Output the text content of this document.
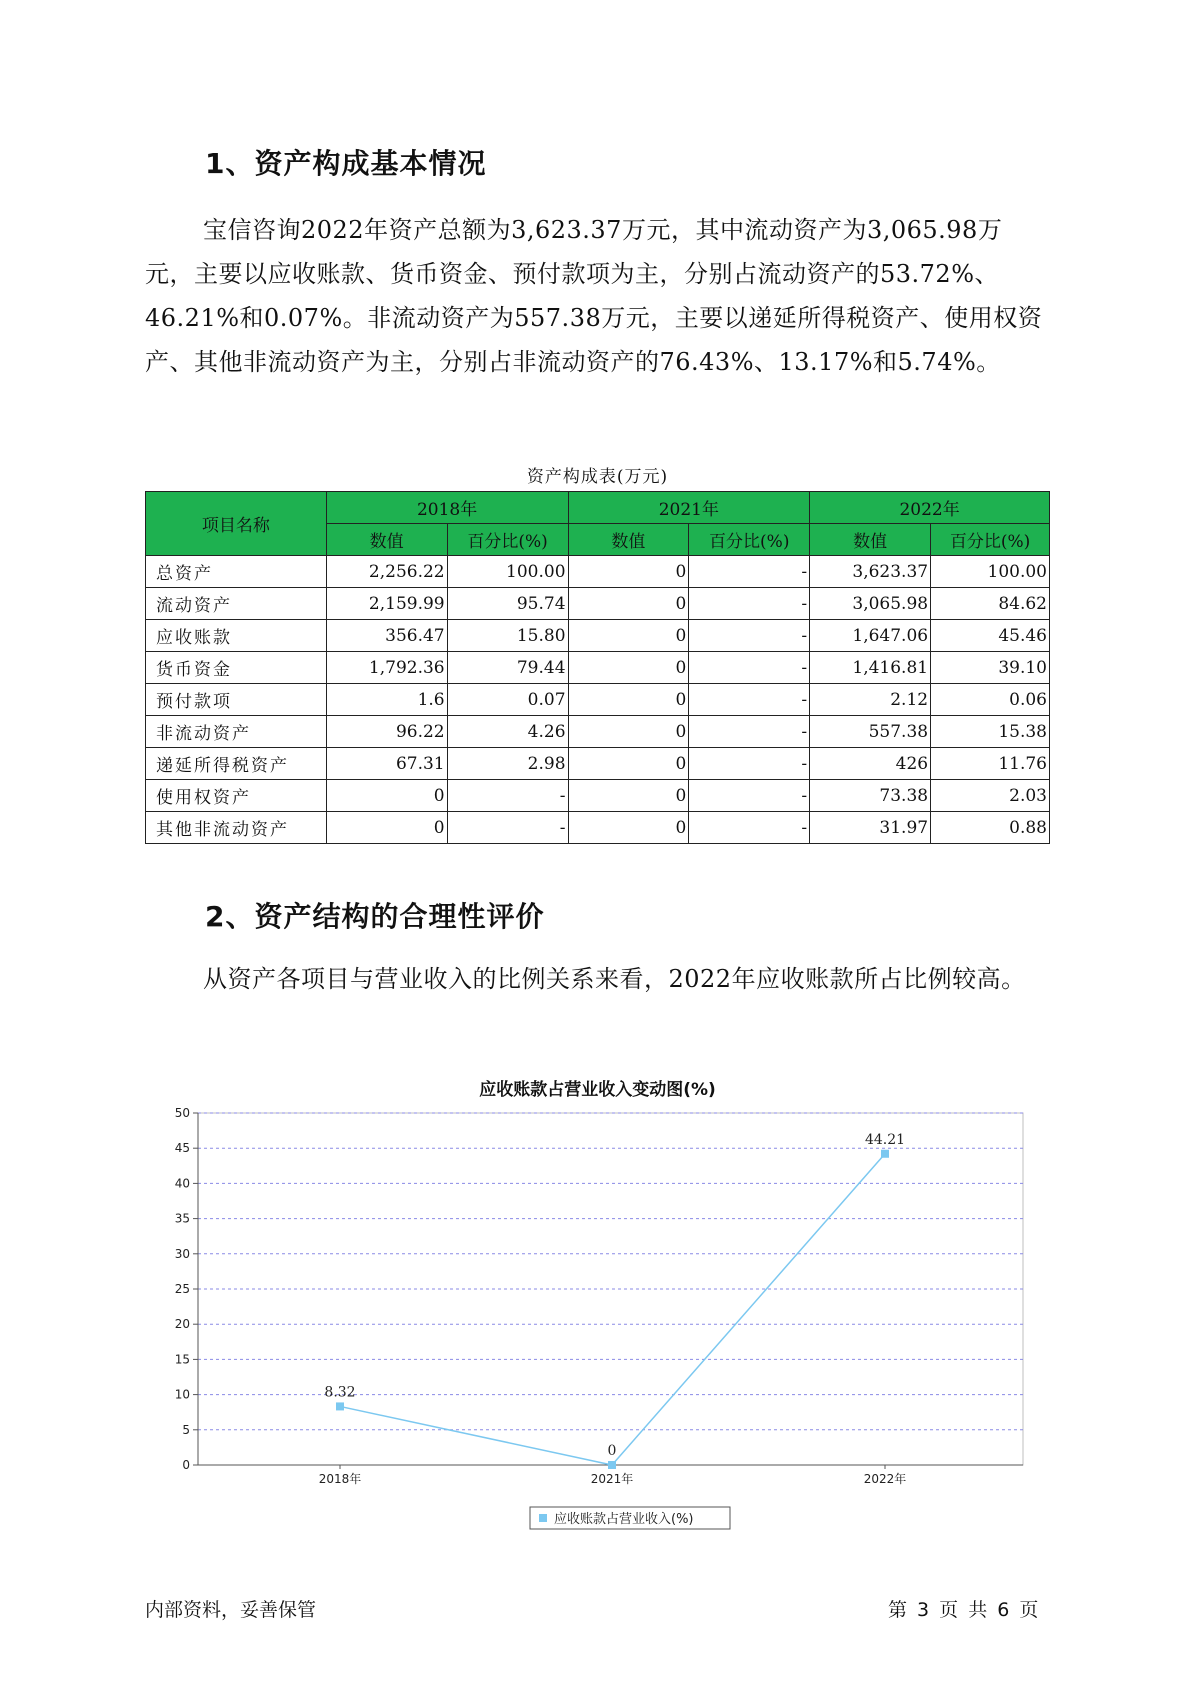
1、资产构成基本情况
宝信咨询2022年资产总额为3,623.37万元，其中流动资产为3,065.98万元，主要以应收账款、货币资金、预付款项为主，分别占流动资产的53.72%、46.21%和0.07%。非流动资产为557.38万元，主要以递延所得税资产、使用权资产、其他非流动资产为主，分别占非流动资产的76.43%、13.17%和5.74%。
资产构成表(万元)
项目名称	2018年		2021年		2022年	
	数值	百分比(%)	数值	百分比(%)	数值	百分比(%)
总资产	2,256.22	100.00	0	-	3,623.37	100.00
流动资产	2,159.99	95.74	0	-	3,065.98	84.62
应收账款	356.47	15.80	0	-	1,647.06	45.46
货币资金	1,792.36	79.44	0	-	1,416.81	39.10
预付款项	1.6	0.07	0	-	2.12	0.06
非流动资产	96.22	4.26	0	-	557.38	15.38
递延所得税资产	67.31	2.98	0	-	426	11.76
使用权资产	0	-	0	-	73.38	2.03
其他非流动资产	0	-	0	-	31.97	0.88
2、资产结构的合理性评价
从资产各项目与营业收入的比例关系来看，2022年应收账款所占比例较高。
应收账款占营业收入变动图(%)
0
5
10
15
20
25
30
35
40
45
50
2018年	2021年	2022年
8.32
0
44.21
应收账款占营业收入(%)
内部资料，妥善保管	第 3 页 共 6 页
